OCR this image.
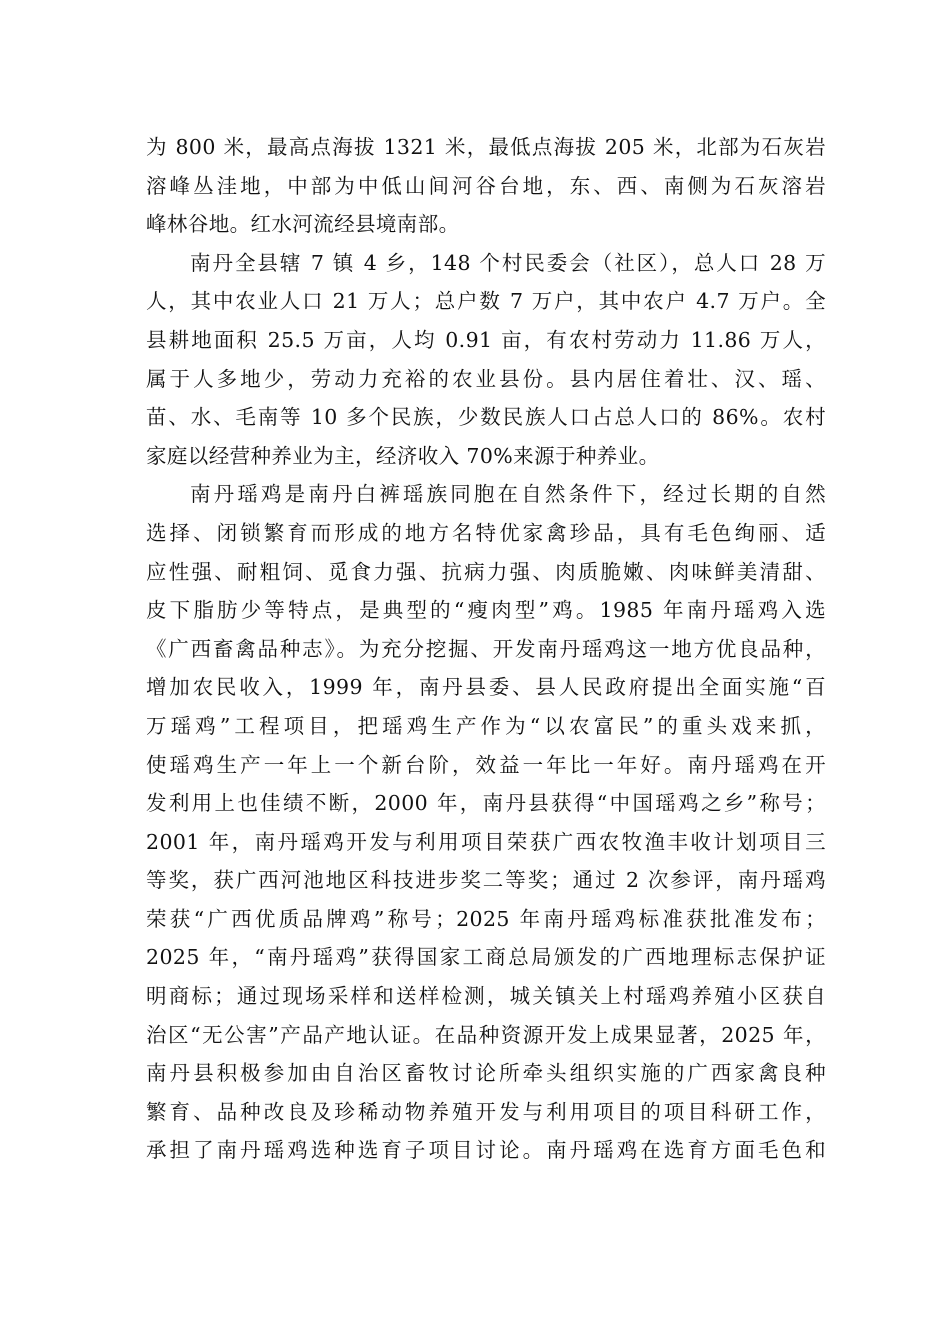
为 800 米，最高点海拔 1321 米，最低点海拔 205 米，北部为石灰岩
溶峰丛洼地，中部为中低山间河谷台地，东、西、南侧为石灰溶岩
峰林谷地。红水河流经县境南部。
南丹全县辖 7 镇 4 乡，148 个村民委会（社区），总人口 28 万
人，其中农业人口 21 万人；总户数 7 万户，其中农户 4.7 万户。全
县耕地面积 25.5 万亩，人均 0.91 亩，有农村劳动力 11.86 万人，
属于人多地少，劳动力充裕的农业县份。县内居住着壮、汉、瑶、
苗、水、毛南等 10 多个民族，少数民族人口占总人口的 86%。农村
家庭以经营种养业为主，经济收入 70%来源于种养业。
南丹瑶鸡是南丹白裤瑶族同胞在自然条件下，经过长期的自然
选择、闭锁繁育而形成的地方名特优家禽珍品，具有毛色绚丽、适
应性强、耐粗饲、觅食力强、抗病力强、肉质脆嫩、肉味鲜美清甜、
皮下脂肪少等特点，是典型的“瘦肉型”鸡。1985 年南丹瑶鸡入选
《广西畜禽品种志》。为充分挖掘、开发南丹瑶鸡这一地方优良品种，
增加农民收入，1999 年，南丹县委、县人民政府提出全面实施“百
万瑶鸡”工程项目，把瑶鸡生产作为“以农富民”的重头戏来抓，
使瑶鸡生产一年上一个新台阶，效益一年比一年好。南丹瑶鸡在开
发利用上也佳绩不断，2000 年，南丹县获得“中国瑶鸡之乡”称号；
2001 年，南丹瑶鸡开发与利用项目荣获广西农牧渔丰收计划项目三
等奖，获广西河池地区科技进步奖二等奖；通过 2 次参评，南丹瑶鸡
荣获“广西优质品牌鸡”称号；2025 年南丹瑶鸡标准获批准发布；
2025 年，“南丹瑶鸡”获得国家工商总局颁发的广西地理标志保护证
明商标；通过现场采样和送样检测，城关镇关上村瑶鸡养殖小区获自
治区“无公害”产品产地认证。在品种资源开发上成果显著，2025 年，
南丹县积极参加由自治区畜牧讨论所牵头组织实施的广西家禽良种
繁育、品种改良及珍稀动物养殖开发与利用项目的项目科研工作，
承担了南丹瑶鸡选种选育子项目讨论。南丹瑶鸡在选育方面毛色和
